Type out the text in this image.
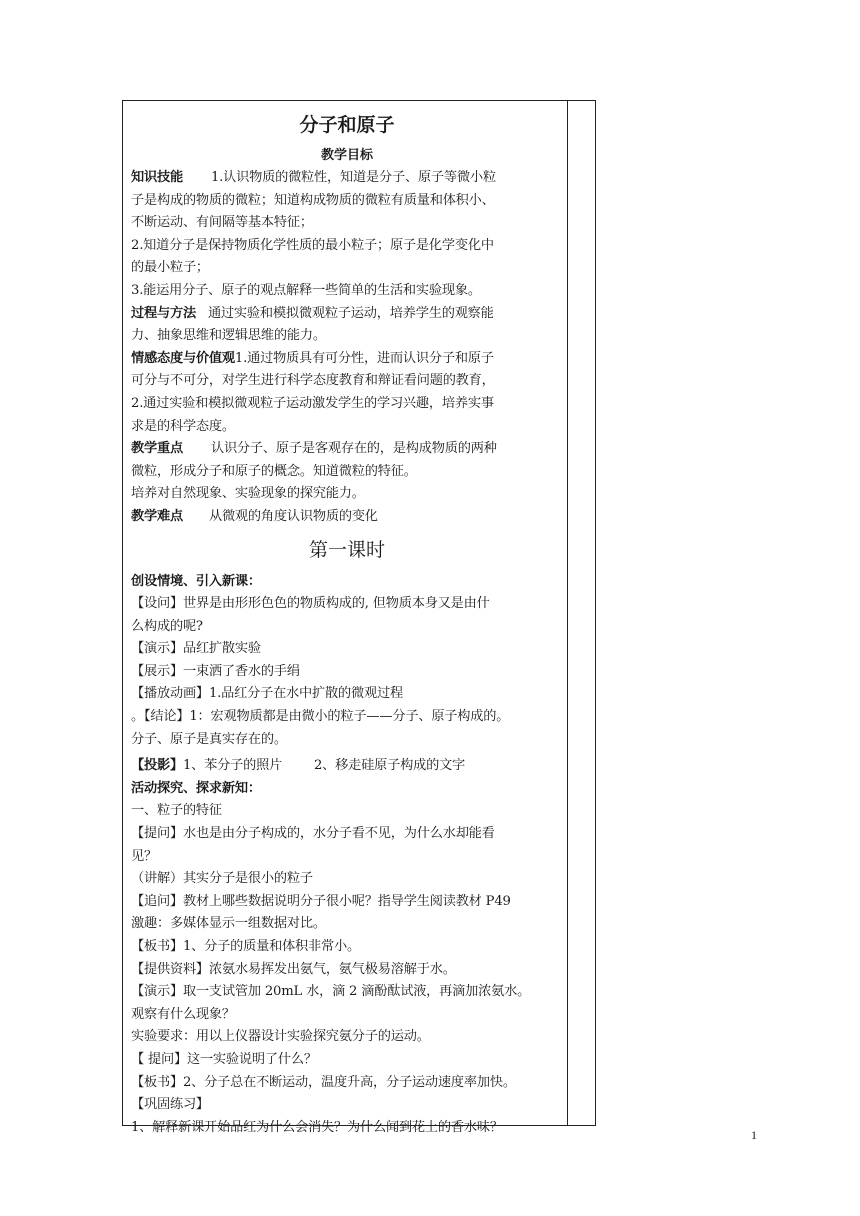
分子和原子
教学目标
知识技能 1.认识物质的微粒性，知道是分子、原子等微小粒
子是构成的物质的微粒；知道构成物质的微粒有质量和体积小、
不断运动、有间隔等基本特征；
2.知道分子是保持物质化学性质的最小粒子；原子是化学变化中
的最小粒子；
3.能运用分子、原子的观点解释一些简单的生活和实验现象。
过程与方法 通过实验和模拟微观粒子运动，培养学生的观察能
力、抽象思维和逻辑思维的能力。
情感态度与价值观1.通过物质具有可分性，进而认识分子和原子
可分与不可分，对学生进行科学态度教育和辩证看问题的教育，
2.通过实验和模拟微观粒子运动激发学生的学习兴趣，培养实事
求是的科学态度。
教学重点 认识分子、原子是客观存在的，是构成物质的两种
微粒，形成分子和原子的概念。知道微粒的特征。
培养对自然现象、实验现象的探究能力。
教学难点 从微观的角度认识物质的变化
第一课时
创设情境、引入新课：
【设问】世界是由形形色色的物质构成的, 但物质本身又是由什
么构成的呢?
【演示】品红扩散实验
【展示】一束洒了香水的手绢
【播放动画】1.品红分子在水中扩散的微观过程
。【结论】1：宏观物质都是由微小的粒子——分子、原子构成的。
分子、原子是真实存在的。
【投影】1、苯分子的照片        2、移走硅原子构成的文字
活动探究、探求新知：
一、粒子的特征
【提问】水也是由分子构成的，水分子看不见，为什么水却能看
见？
（讲解）其实分子是很小的粒子
【追问】教材上哪些数据说明分子很小呢？指导学生阅读教材 P49
激趣：多媒体显示一组数据对比。
【板书】1、分子的质量和体积非常小。
【提供资料】浓氨水易挥发出氨气，氨气极易溶解于水。
【演示】取一支试管加 20mL 水，滴 2 滴酚酞试液，再滴加浓氨水。
观察有什么现象？
实验要求：用以上仪器设计实验探究氨分子的运动。
【 提问】这一实验说明了什么？
【板书】2、分子总在不断运动，温度升高，分子运动速度率加快。
【巩固练习】
1、解释新课开始品红为什么会消失？为什么闻到花上的香水味？
1
